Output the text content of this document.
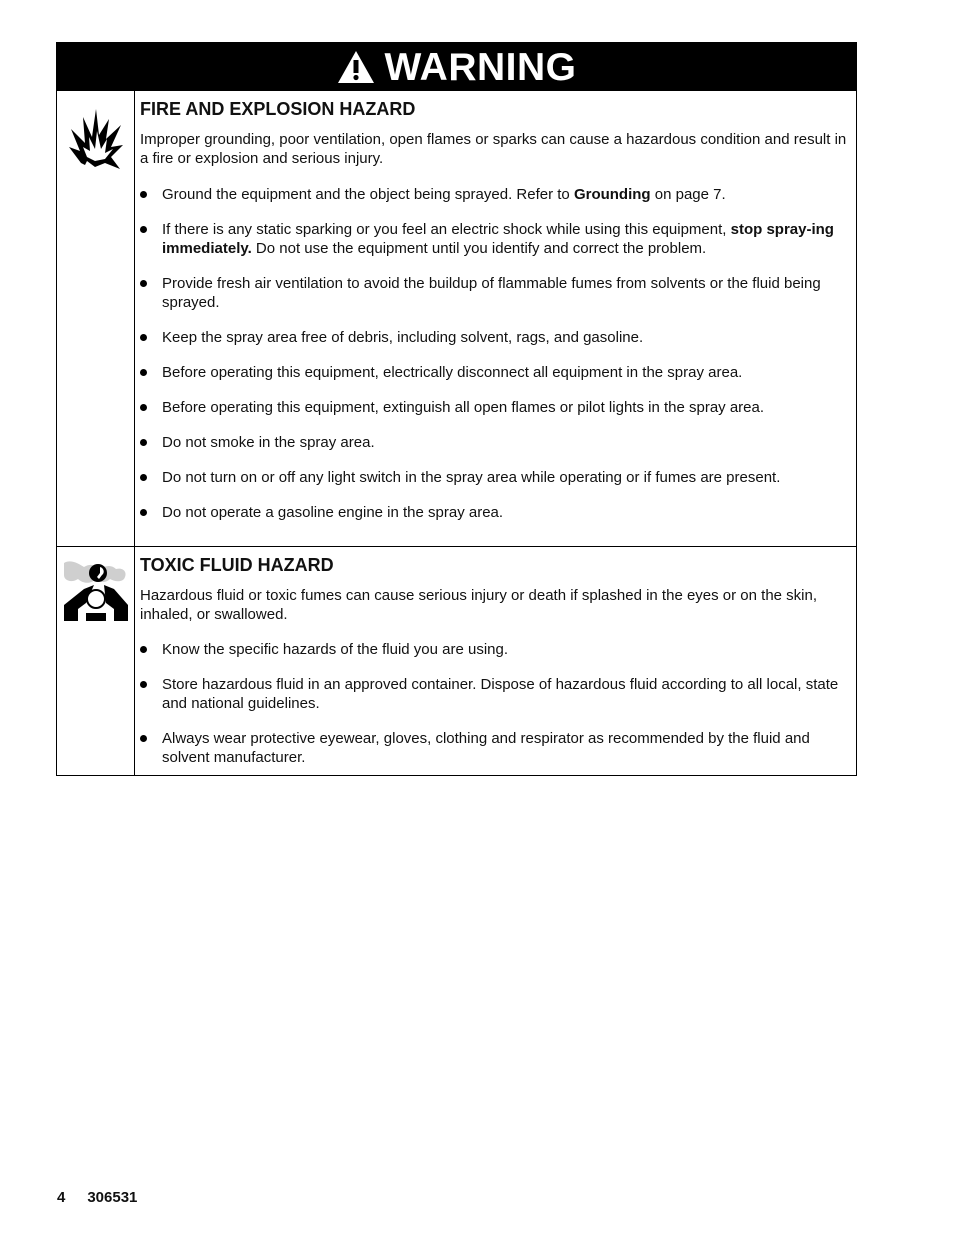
WARNING
FIRE AND EXPLOSION HAZARD

Improper grounding, poor ventilation, open flames or sparks can cause a hazardous condition and result in a fire or explosion and serious injury.

Ground the equipment and the object being sprayed. Refer to Grounding on page 7.
If there is any static sparking or you feel an electric shock while using this equipment, stop spray-ing immediately. Do not use the equipment until you identify and correct the problem.
Provide fresh air ventilation to avoid the buildup of flammable fumes from solvents or the fluid being sprayed.
Keep the spray area free of debris, including solvent, rags, and gasoline.
Before operating this equipment, electrically disconnect all equipment in the spray area.
Before operating this equipment, extinguish all open flames or pilot lights in the spray area.
Do not smoke in the spray area.
Do not turn on or off any light switch in the spray area while operating or if fumes are present.
Do not operate a gasoline engine in the spray area.
TOXIC FLUID HAZARD

Hazardous fluid or toxic fumes can cause serious injury or death if splashed in the eyes or on the skin, inhaled, or swallowed.

Know the specific hazards of the fluid you are using.
Store hazardous fluid in an approved container. Dispose of hazardous fluid according to all local, state and national guidelines.
Always wear protective eyewear, gloves, clothing and respirator as recommended by the fluid and solvent manufacturer.
4 306531
